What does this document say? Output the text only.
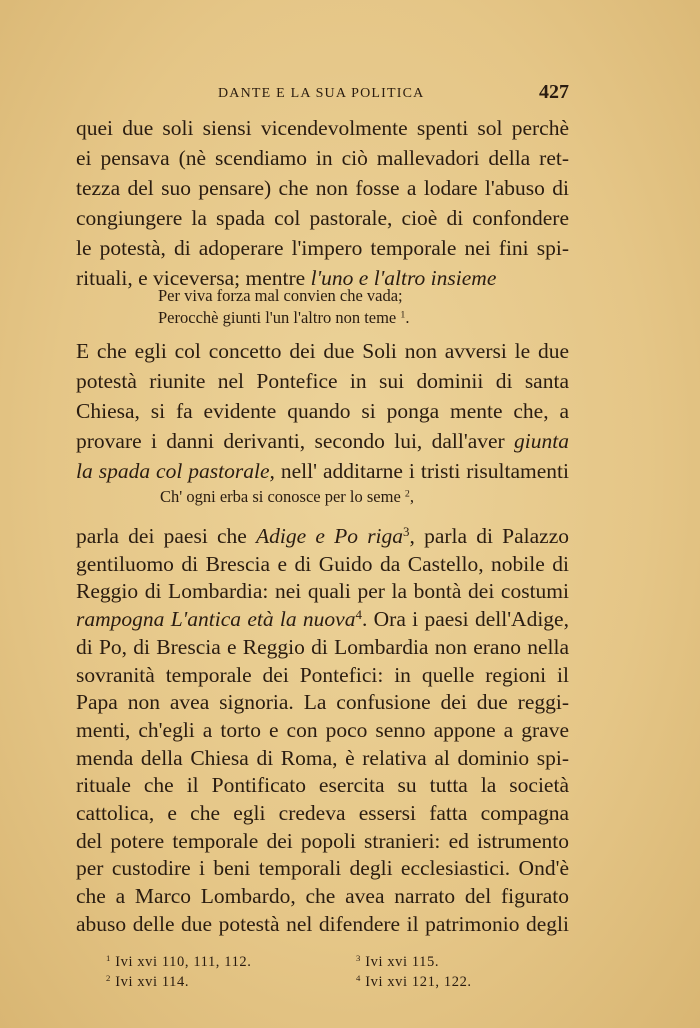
DANTE E LA SUA POLITICA	427
quei due soli siensi vicendevolmente spenti sol perchè
ei pensava (nè scendiamo in ciò mallevadori della ret-
tezza del suo pensare) che non fosse a lodare l'abuso di
congiungere la spada col pastorale, cioè di confondere
le potestà, di adoperare l'impero temporale nei fini spi-
rituali, e viceversa; mentre l'uno e l'altro insieme
Per viva forza mal convien che vada;
Perocchè giunti l'un l'altro non teme $^1$.
E che egli col concetto dei due Soli non avversi le due
potestà riunite nel Pontefice in sui dominii di santa
Chiesa, si fa evidente quando si ponga mente che, a
provare i danni derivanti, secondo lui, dall'aver giunta
la spada col pastorale, nell' additarne i tristi risultamenti
Ch' ogni erba si conosce per lo seme $^2$,
parla dei paesi che Adige e Po riga$^3$, parla di Palazzo
gentiluomo di Brescia e di Guido da Castello, nobile di
Reggio di Lombardia: nei quali per la bontà dei costumi
rampogna L'antica età la nuova$^4$. Ora i paesi dell'Adige,
di Po, di Brescia e Reggio di Lombardia non erano nella
sovranità temporale dei Pontefici: in quelle regioni il
Papa non avea signoria. La confusione dei due reggi-
menti, ch'egli a torto e con poco senno appone a grave
menda della Chiesa di Roma, è relativa al dominio spi-
rituale che il Pontificato esercita su tutta la società
cattolica, e che egli credeva essersi fatta compagna
del potere temporale dei popoli stranieri: ed istrumento
per custodire i beni temporali degli ecclesiastici. Ond'è
che a Marco Lombardo, che avea narrato del figurato
abuso delle due potestà nel difendere il patrimonio degli
$^1$ Ivi xvi 110, 111, 112.
$^2$ Ivi xvi 114.
$^3$ Ivi xvi 115.
$^4$ Ivi xvi 121, 122.
